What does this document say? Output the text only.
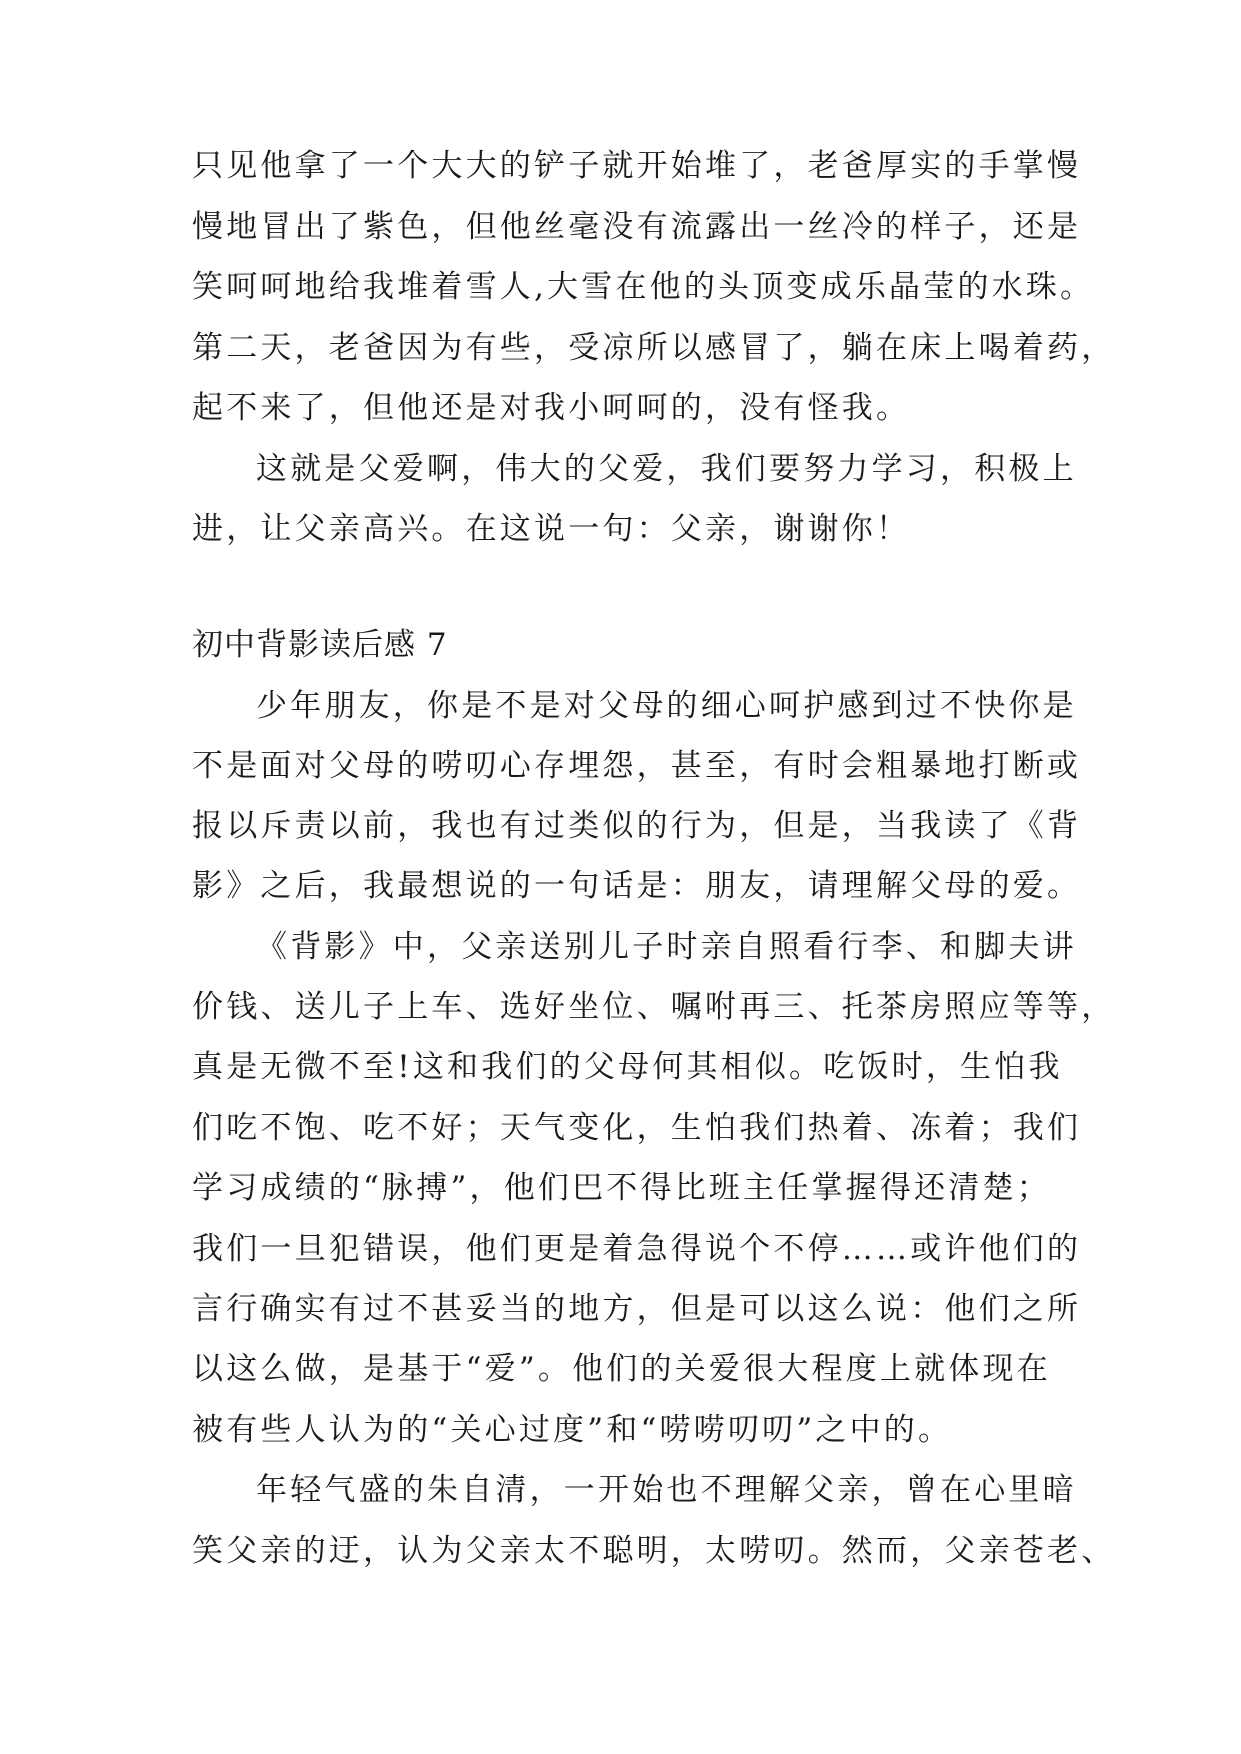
只见他拿了一个大大的铲子就开始堆了，老爸厚实的手掌慢
慢地冒出了紫色，但他丝毫没有流露出一丝冷的样子，还是
笑呵呵地给我堆着雪人,大雪在他的头顶变成乐晶莹的水珠。
第二天，老爸因为有些，受凉所以感冒了，躺在床上喝着药，
起不来了，但他还是对我小呵呵的，没有怪我。
这就是父爱啊，伟大的父爱，我们要努力学习，积极上
进，让父亲高兴。在这说一句：父亲，谢谢你！
初中背影读后感 7
少年朋友，你是不是对父母的细心呵护感到过不快你是
不是面对父母的唠叨心存埋怨，甚至，有时会粗暴地打断或
报以斥责以前，我也有过类似的行为，但是，当我读了《背
影》之后，我最想说的一句话是：朋友，请理解父母的爱。
《背影》中，父亲送别儿子时亲自照看行李、和脚夫讲
价钱、送儿子上车、选好坐位、嘱咐再三、托茶房照应等等，
真是无微不至!这和我们的父母何其相似。吃饭时，生怕我
们吃不饱、吃不好；天气变化，生怕我们热着、冻着；我们
学习成绩的“脉搏”，他们巴不得比班主任掌握得还清楚；
我们一旦犯错误，他们更是着急得说个不停……或许他们的
言行确实有过不甚妥当的地方，但是可以这么说：他们之所
以这么做，是基于“爱”。他们的关爱很大程度上就体现在
被有些人认为的“关心过度”和“唠唠叨叨”之中的。
年轻气盛的朱自清，一开始也不理解父亲，曾在心里暗
笑父亲的迂，认为父亲太不聪明，太唠叨。然而，父亲苍老、
